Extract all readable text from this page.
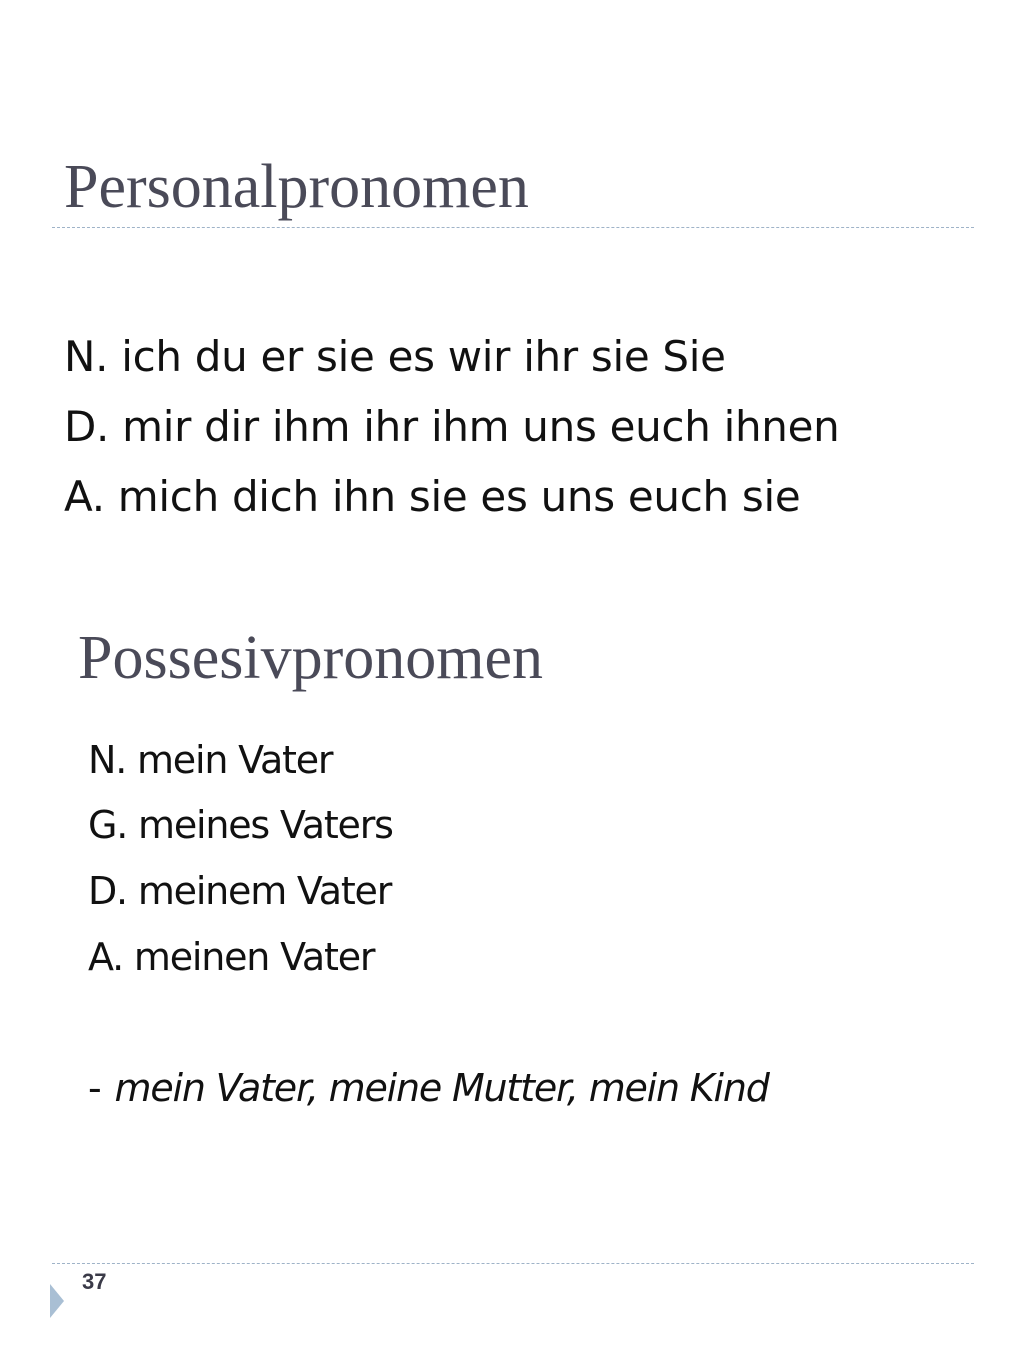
Personalpronomen
N. ich du er sie es wir ihr sie Sie
D. mir dir ihm ihr ihm uns euch ihnen
A. mich dich ihn sie es uns euch sie
Possesivpronomen
N. mein Vater
G. meines Vaters
D. meinem Vater
A. meinen Vater
- mein Vater, meine Mutter, mein Kind
37
